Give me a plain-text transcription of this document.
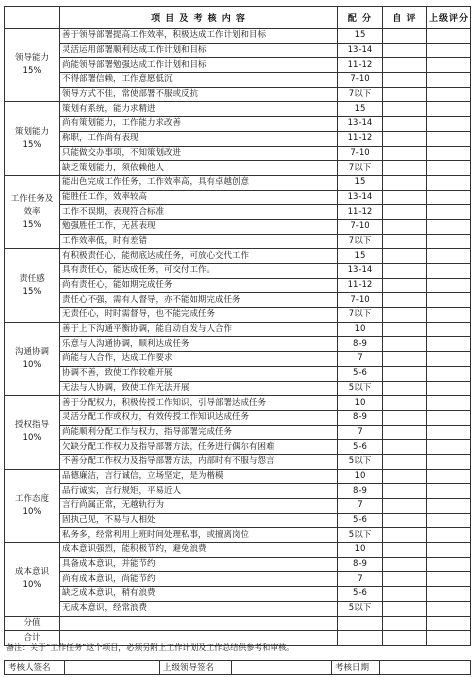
	项 目 及 考 核 内 容	配 分	自 评	上级评分

领导能力
15%	善于领导部署提高工作效率，积极达成工作计划和目标	15		
	灵活运用部署顺利达成工作计划和目标	13-14		
	尚能领导部署勉强达成工作计划和目标	11-12		
	不得部署信赖，工作意愿低沉	7-10		
	领导方式不佳，常使部署不服或反抗	7以下		

策划能力
15%	策划有系统，能力求精进	15		
	尚有策划能力，工作能力求改善	13-14		
	称职，工作尚有表现	11-12		
	只能做交办事项，不知策划改进	7-10		
	缺乏策划能力，须依赖他人	7以下		

工作任务及效率
15%	能出色完成工作任务，工作效率高，具有卓越创意	15		
	能胜任工作，效率较高	13-14		
	工作不误期，表现符合标准	11-12		
	勉强胜任工作，无甚表现	7-10		
	工作效率低，时有差错	7以下		

责任感
15%	有积极责任心，能彻底达成任务，可放心交代工作	15		
	具有责任心，能达成任务，可交付工作。	13-14		
	尚有责任心，能如期完成任务	11-12		
	责任心不强，需有人督导，亦不能如期完成任务	7-10		
	无责任心，时时需督导，也不能完成任务	7以下		

沟通协调
10%	善于上下沟通平衡协调，能自动自发与人合作	10		
	乐意与人沟通协调，顺利达成任务	8-9		
	尚能与人合作，达成工作要求	7		
	协调不善，致使工作较难开展	5-6		
	无法与人协调，致使工作无法开展	5以下		

授权指导
10%	善于分配权力，积极传授工作知识，引导部署达成任务	10		
	灵活分配工作或权力，有效传授工作知识达成任务	8-9		
	尚能顺利分配工作与权力，指导部署完成任务	7		
	欠缺分配工作权力及指导部署方法，任务进行偶尔有困难	5-6		
	不善分配工作权力及指导部署方法，内部时有不服与怨言	5以下		

工作态度
10%	品德廉洁，言行诚信，立场坚定，是为楷模	10		
	品行诚实，言行规矩，平易近人	8-9		
	言行尚属正常，无越轨行为	7		
	固执己见，不易与人相处	5-6		
	私务多，经常利用上班时间处理私事，或擅离岗位	5以下		

成本意识
10%	成本意识强烈，能积极节约，避免浪费	10		
	具备成本意识，并能节约	8-9		
	尚有成本意识，尚能节约	7		
	缺乏成本意识，稍有浪费	5-6		
	无成本意识，经常浪费	5以下		
分值				
合计				
备注：关于“工作任务”这个项目，必须另附上工作计划及工作总结供参考和审核。
考核人签名		上级领导签名		考核日期	
